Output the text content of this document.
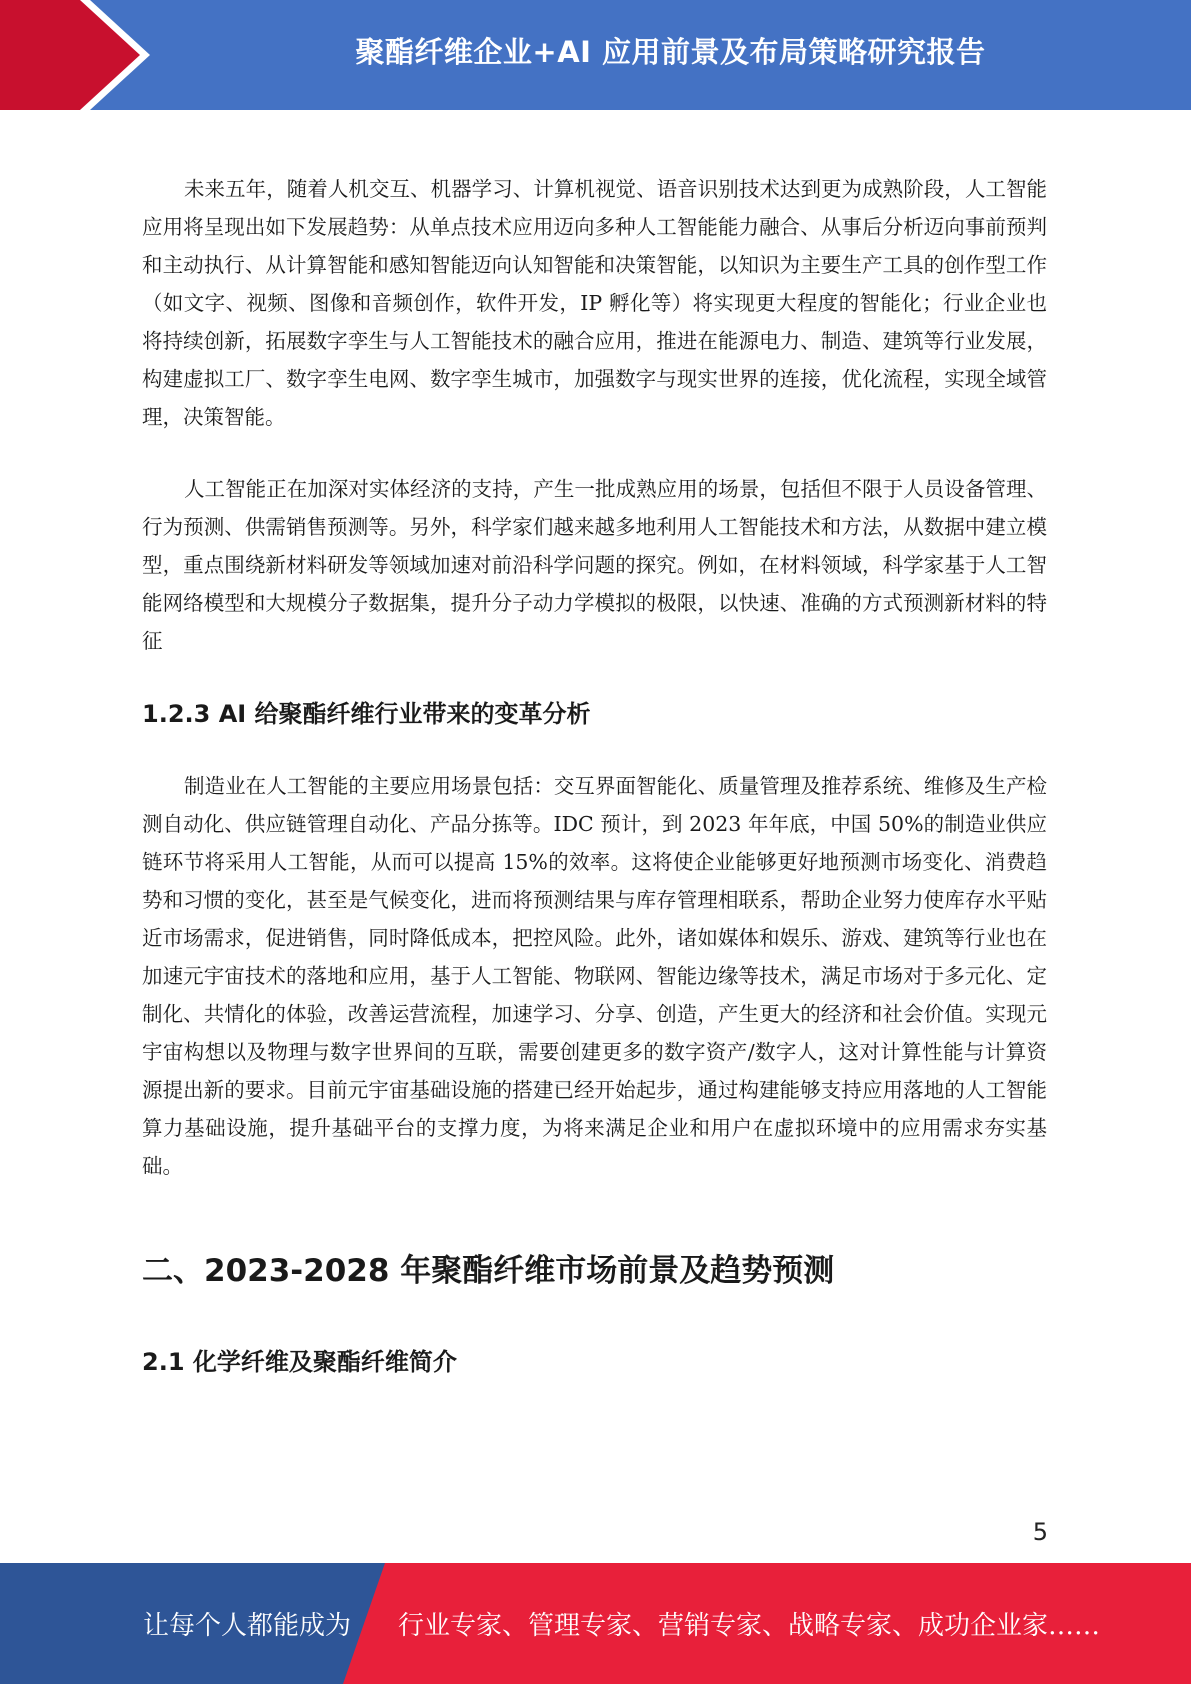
聚酯纤维企业+AI 应用前景及布局策略研究报告

未来五年，随着人机交互、机器学习、计算机视觉、语音识别技术达到更为成熟阶段，人工智能应用将呈现出如下发展趋势：从单点技术应用迈向多种人工智能能力融合、从事后分析迈向事前预判和主动执行、从计算智能和感知智能迈向认知智能和决策智能，以知识为主要生产工具的创作型工作（如文字、视频、图像和音频创作，软件开发，IP 孵化等）将实现更大程度的智能化；行业企业也将持续创新，拓展数字孪生与人工智能技术的融合应用，推进在能源电力、制造、建筑等行业发展，构建虚拟工厂、数字孪生电网、数字孪生城市，加强数字与现实世界的连接，优化流程，实现全域管理，决策智能。

人工智能正在加深对实体经济的支持，产生一批成熟应用的场景，包括但不限于人员设备管理、行为预测、供需销售预测等。另外，科学家们越来越多地利用人工智能技术和方法，从数据中建立模型，重点围绕新材料研发等领域加速对前沿科学问题的探究。例如，在材料领域，科学家基于人工智能网络模型和大规模分子数据集，提升分子动力学模拟的极限，以快速、准确的方式预测新材料的特征

1.2.3 AI 给聚酯纤维行业带来的变革分析

制造业在人工智能的主要应用场景包括：交互界面智能化、质量管理及推荐系统、维修及生产检测自动化、供应链管理自动化、产品分拣等。IDC 预计，到 2023 年年底，中国 50%的制造业供应链环节将采用人工智能，从而可以提高 15%的效率。这将使企业能够更好地预测市场变化、消费趋势和习惯的变化，甚至是气候变化，进而将预测结果与库存管理相联系，帮助企业努力使库存水平贴近市场需求，促进销售，同时降低成本，把控风险。此外，诸如媒体和娱乐、游戏、建筑等行业也在加速元宇宙技术的落地和应用，基于人工智能、物联网、智能边缘等技术，满足市场对于多元化、定制化、共情化的体验，改善运营流程，加速学习、分享、创造，产生更大的经济和社会价值。实现元宇宙构想以及物理与数字世界间的互联，需要创建更多的数字资产/数字人，这对计算性能与计算资源提出新的要求。目前元宇宙基础设施的搭建已经开始起步，通过构建能够支持应用落地的人工智能算力基础设施，提升基础平台的支撑力度，为将来满足企业和用户在虚拟环境中的应用需求夯实基础。

二、2023-2028 年聚酯纤维市场前景及趋势预测
2.1 化学纤维及聚酯纤维简介
5
让每个人都能成为 行业专家、管理专家、营销专家、战略专家、成功企业家……
